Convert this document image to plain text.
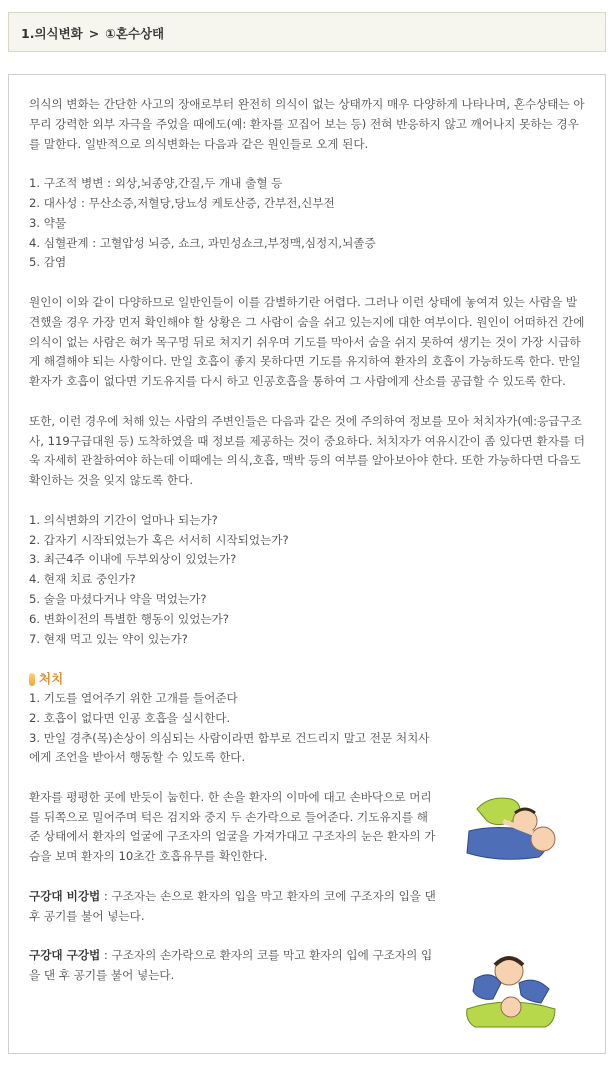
1.의식변화 > ①혼수상태

의식의 변화는 간단한 사고의 장애로부터 완전히 의식이 없는 상태까지 매우 다양하게 나타나며, 혼수상태는 아무리 강력한 외부 자극을 주었을 때에도(예: 환자를 꼬집어 보는 등) 전혀 반응하지 않고 깨어나지 못하는 경우를 말한다. 일반적으로 의식변화는 다음과 같은 원인들로 오게 된다.

1. 구조적 병변 : 외상,뇌종양,간질,두 개내 출혈 등

2. 대사성 : 무산소증,저혈당,당뇨성 케토산증, 간부전,신부전

3. 약물

4. 심혈관계 : 고혈압성 뇌증, 쇼크, 과민성쇼크,부정맥,심정지,뇌졸증

5. 감염

원인이 이와 같이 다양하므로 일반인들이 이를 감별하기란 어렵다. 그러나 이런 상태에 놓여져 있는 사람을 발견했을 경우 가장 먼저 확인해야 할 상황은 그 사람이 숨을 쉬고 있는지에 대한 여부이다. 원인이 어떠하건 간에 의식이 없는 사람은 혀가 목구멍 뒤로 쳐지기 쉬우며 기도를 막아서 숨을 쉬지 못하여 생기는 것이 가장 시급하게 해결해야 되는 사항이다. 만일 호흡이 좋지 못하다면 기도를 유지하여 환자의 호흡이 가능하도록 한다. 만일 환자가 호흡이 없다면 기도유지를 다시 하고 인공호흡을 통하여 그 사람에게 산소를 공급할 수 있도록 한다.

또한, 이런 경우에 처해 있는 사람의 주변인들은 다음과 같은 것에 주의하여 정보를 모아 처치자가(예:응급구조사, 119구급대원 등) 도착하였을 때 정보를 제공하는 것이 중요하다. 처치자가 여유시간이 좀 있다면 환자를 더욱 자세히 관찰하여야 하는데 이때에는 의식,호흡, 맥박 등의 여부를 알아보아야 한다. 또한 가능하다면 다음도 확인하는 것을 잊지 않도록 한다.

1. 의식변화의 기간이 얼마나 되는가?

2. 갑자기 시작되었는가 혹은 서서히 시작되었는가?

3. 최근4주 이내에 두부외상이 있었는가?

4. 현재 치료 중인가?

5. 술을 마셨다거나 약을 먹었는가?

6. 변화이전의 특별한 행동이 있었는가?

7. 현재 먹고 있는 약이 있는가?

처치

1. 기도를 열어주기 위한 고개를 들어준다

2. 호흡이 없다면 인공 호흡을 실시한다.

3. 만일 경추(목)손상이 의심되는 사람이라면 함부로 건드리지 말고 전문 처치사에게 조언을 받아서 행동할 수 있도록 한다.

환자를 평평한 곳에 반듯이 눕힌다. 한 손을 환자의 이마에 대고 손바닥으로 머리를 뒤쪽으로 밀어주며 턱은 검지와 중지 두 손가락으로 들어준다. 기도유지를 해준 상태에서 환자의 얼굴에 구조자의 얼굴을 가져가대고 구조자의 눈은 환자의 가슴을 보며 환자의 10초간 호흡유무를 확인한다.

구강대 비강법 : 구조자는 손으로 환자의 입을 막고 환자의 코에 구조자의 입을 댄 후 공기를 불어 넣는다.

구강대 구강법 : 구조자의 손가락으로 환자의 코를 막고 환자의 입에 구조자의 입을 댄 후 공기를 불어 넣는다.
